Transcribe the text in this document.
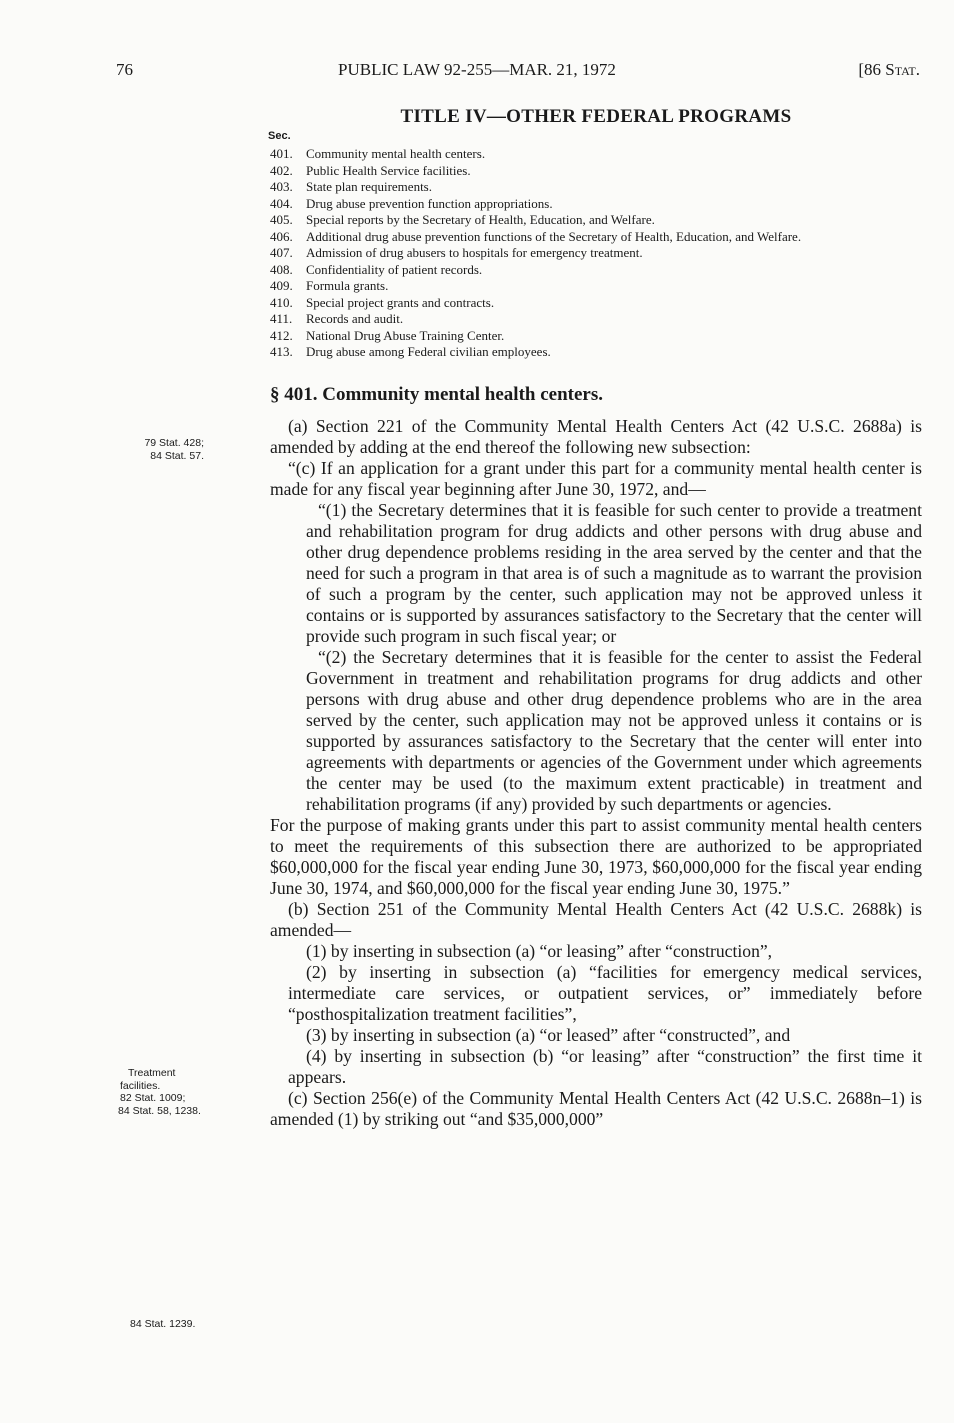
76	PUBLIC LAW 92-255—MAR. 21, 1972	[86 Stat.
TITLE IV—OTHER FEDERAL PROGRAMS
Sec.
401.	Community mental health centers.
402.	Public Health Service facilities.
403.	State plan requirements.
404.	Drug abuse prevention function appropriations.
405.	Special reports by the Secretary of Health, Education, and Welfare.
406.	Additional drug abuse prevention functions of the Secretary of Health, Education, and Welfare.
407.	Admission of drug abusers to hospitals for emergency treatment.
408.	Confidentiality of patient records.
409.	Formula grants.
410.	Special project grants and contracts.
411.	Records and audit.
412.	National Drug Abuse Training Center.
413.	Drug abuse among Federal civilian employees.
§ 401. Community mental health centers.

(a) Section 221 of the Community Mental Health Centers Act (42 U.S.C. 2688a) is amended by adding at the end thereof the following new subsection:

“(c) If an application for a grant under this part for a community mental health center is made for any fiscal year beginning after June 30, 1972, and—

“(1) the Secretary determines that it is feasible for such center to provide a treatment and rehabilitation program for drug addicts and other persons with drug abuse and other drug dependence problems residing in the area served by the center and that the need for such a program in that area is of such a magnitude as to warrant the provision of such a program by the center, such application may not be approved unless it contains or is supported by assurances satisfactory to the Secretary that the center will provide such program in such fiscal year; or

“(2) the Secretary determines that it is feasible for the center to assist the Federal Government in treatment and rehabilitation programs for drug addicts and other persons with drug abuse and other drug dependence problems who are in the area served by the center, such application may not be approved unless it contains or is supported by assurances satisfactory to the Secretary that the center will enter into agreements with departments or agencies of the Government under which agreements the center may be used (to the maximum extent practicable) in treatment and rehabilitation programs (if any) provided by such departments or agencies.

For the purpose of making grants under this part to assist community mental health centers to meet the requirements of this subsection there are authorized to be appropriated $60,000,000 for the fiscal year ending June 30, 1973, $60,000,000 for the fiscal year ending June 30, 1974, and $60,000,000 for the fiscal year ending June 30, 1975.”

(b) Section 251 of the Community Mental Health Centers Act (42 U.S.C. 2688k) is amended—

(1) by inserting in subsection (a) “or leasing” after “construction”,

(2) by inserting in subsection (a) “facilities for emergency medical services, intermediate care services, or outpatient services, or” immediately before “posthospitalization treatment facilities”,

(3) by inserting in subsection (a) “or leased” after “constructed”, and

(4) by inserting in subsection (b) “or leasing” after “construction” the first time it appears.

(c) Section 256(e) of the Community Mental Health Centers Act (42 U.S.C. 2688n–1) is amended (1) by striking out “and $35,000,000”

79 Stat. 428;
84 Stat. 57.
Treatment
facilities.
82 Stat. 1009;
84 Stat. 58, 1238.
84 Stat. 1239.
